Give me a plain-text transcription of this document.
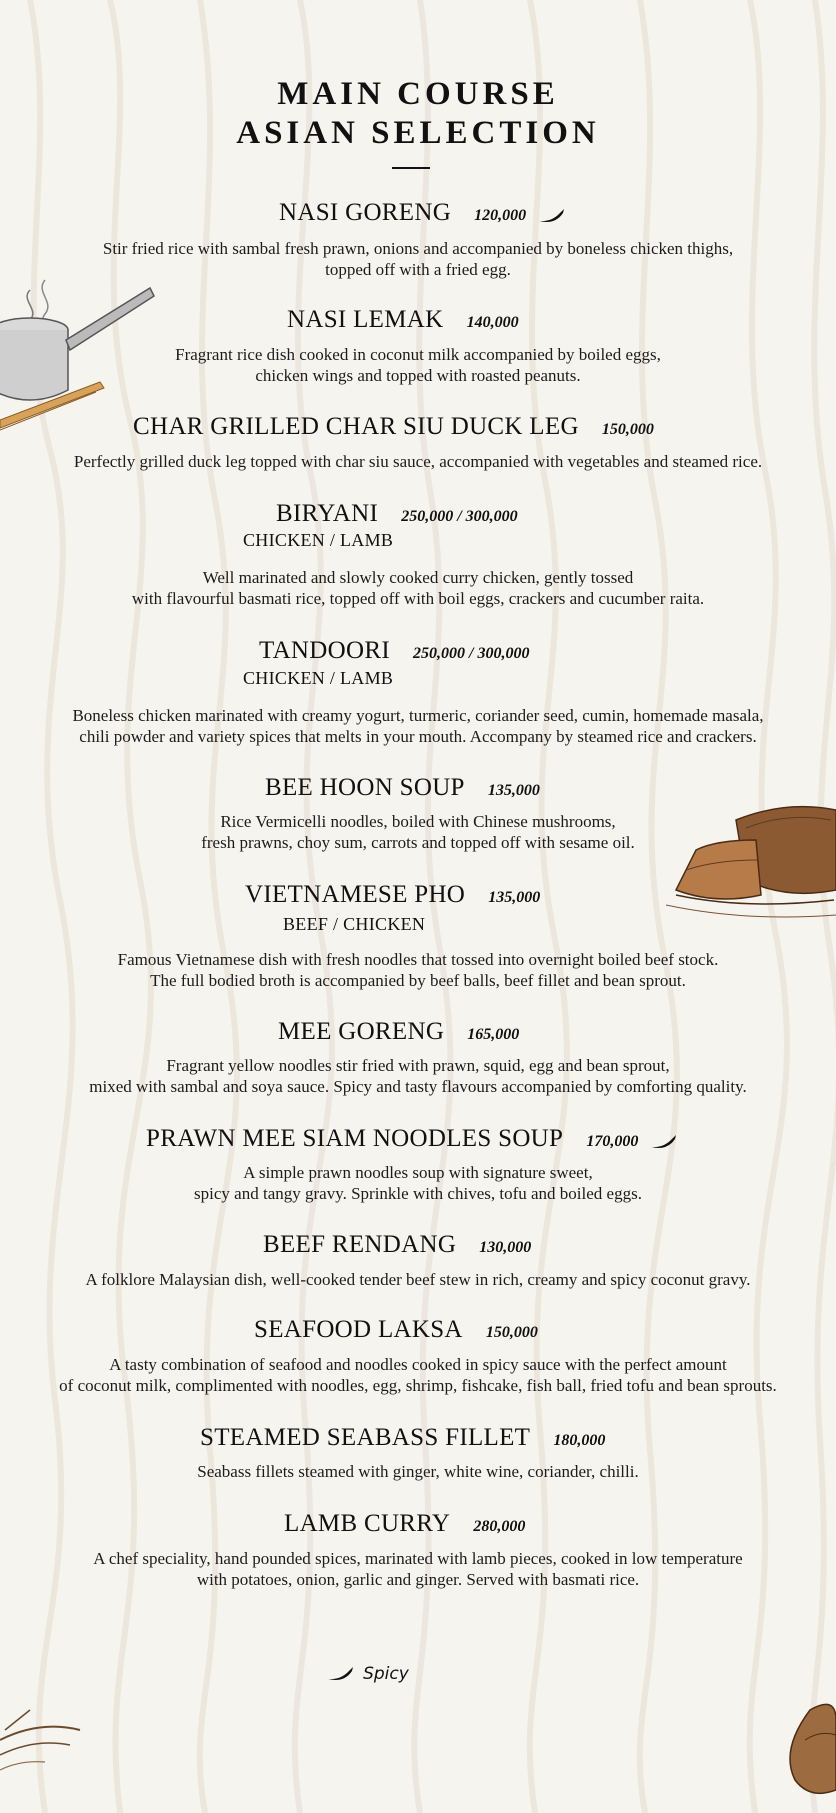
MAIN COURSE
ASIAN SELECTION
NASI GORENG 120,000
Stir fried rice with sambal fresh prawn, onions and accompanied by boneless chicken thighs,
topped off with a fried egg.
NASI LEMAK 140,000
Fragrant rice dish cooked in coconut milk accompanied by boiled eggs,
chicken wings and topped with roasted peanuts.
CHAR GRILLED CHAR SIU DUCK LEG 150,000
Perfectly grilled duck leg topped with char siu sauce, accompanied with vegetables and steamed rice.
BIRYANI 250,000 / 300,000
CHICKEN / LAMB
Well marinated and slowly cooked curry chicken, gently tossed
with flavourful basmati rice, topped off with boil eggs, crackers and cucumber raita.
TANDOORI 250,000 / 300,000
CHICKEN / LAMB
Boneless chicken marinated with creamy yogurt, turmeric, coriander seed, cumin, homemade masala,
chili powder and variety spices that melts in your mouth. Accompany by steamed rice and crackers.
BEE HOON SOUP 135,000
Rice Vermicelli noodles, boiled with Chinese mushrooms,
fresh prawns, choy sum, carrots and topped off with sesame oil.
VIETNAMESE PHO 135,000
BEEF / CHICKEN
Famous Vietnamese dish with fresh noodles that tossed into overnight boiled beef stock.
The full bodied broth is accompanied by beef balls, beef fillet and bean sprout.
MEE GORENG 165,000
Fragrant yellow noodles stir fried with prawn, squid, egg and bean sprout,
mixed with sambal and soya sauce. Spicy and tasty flavours accompanied by comforting quality.
PRAWN MEE SIAM NOODLES SOUP 170,000
A simple prawn noodles soup with signature sweet,
spicy and tangy gravy. Sprinkle with chives, tofu and boiled eggs.
BEEF RENDANG 130,000
A folklore Malaysian dish, well-cooked tender beef stew in rich, creamy and spicy coconut gravy.
SEAFOOD LAKSA 150,000
A tasty combination of seafood and noodles cooked in spicy sauce with the perfect amount
of coconut milk, complimented with noodles, egg, shrimp, fishcake, fish ball, fried tofu and bean sprouts.
STEAMED SEABASS FILLET 180,000
Seabass fillets steamed with ginger, white wine, coriander, chilli.
LAMB CURRY 280,000
A chef speciality, hand pounded spices, marinated with lamb pieces, cooked in low temperature
with potatoes, onion, garlic and ginger. Served with basmati rice.
Spicy
